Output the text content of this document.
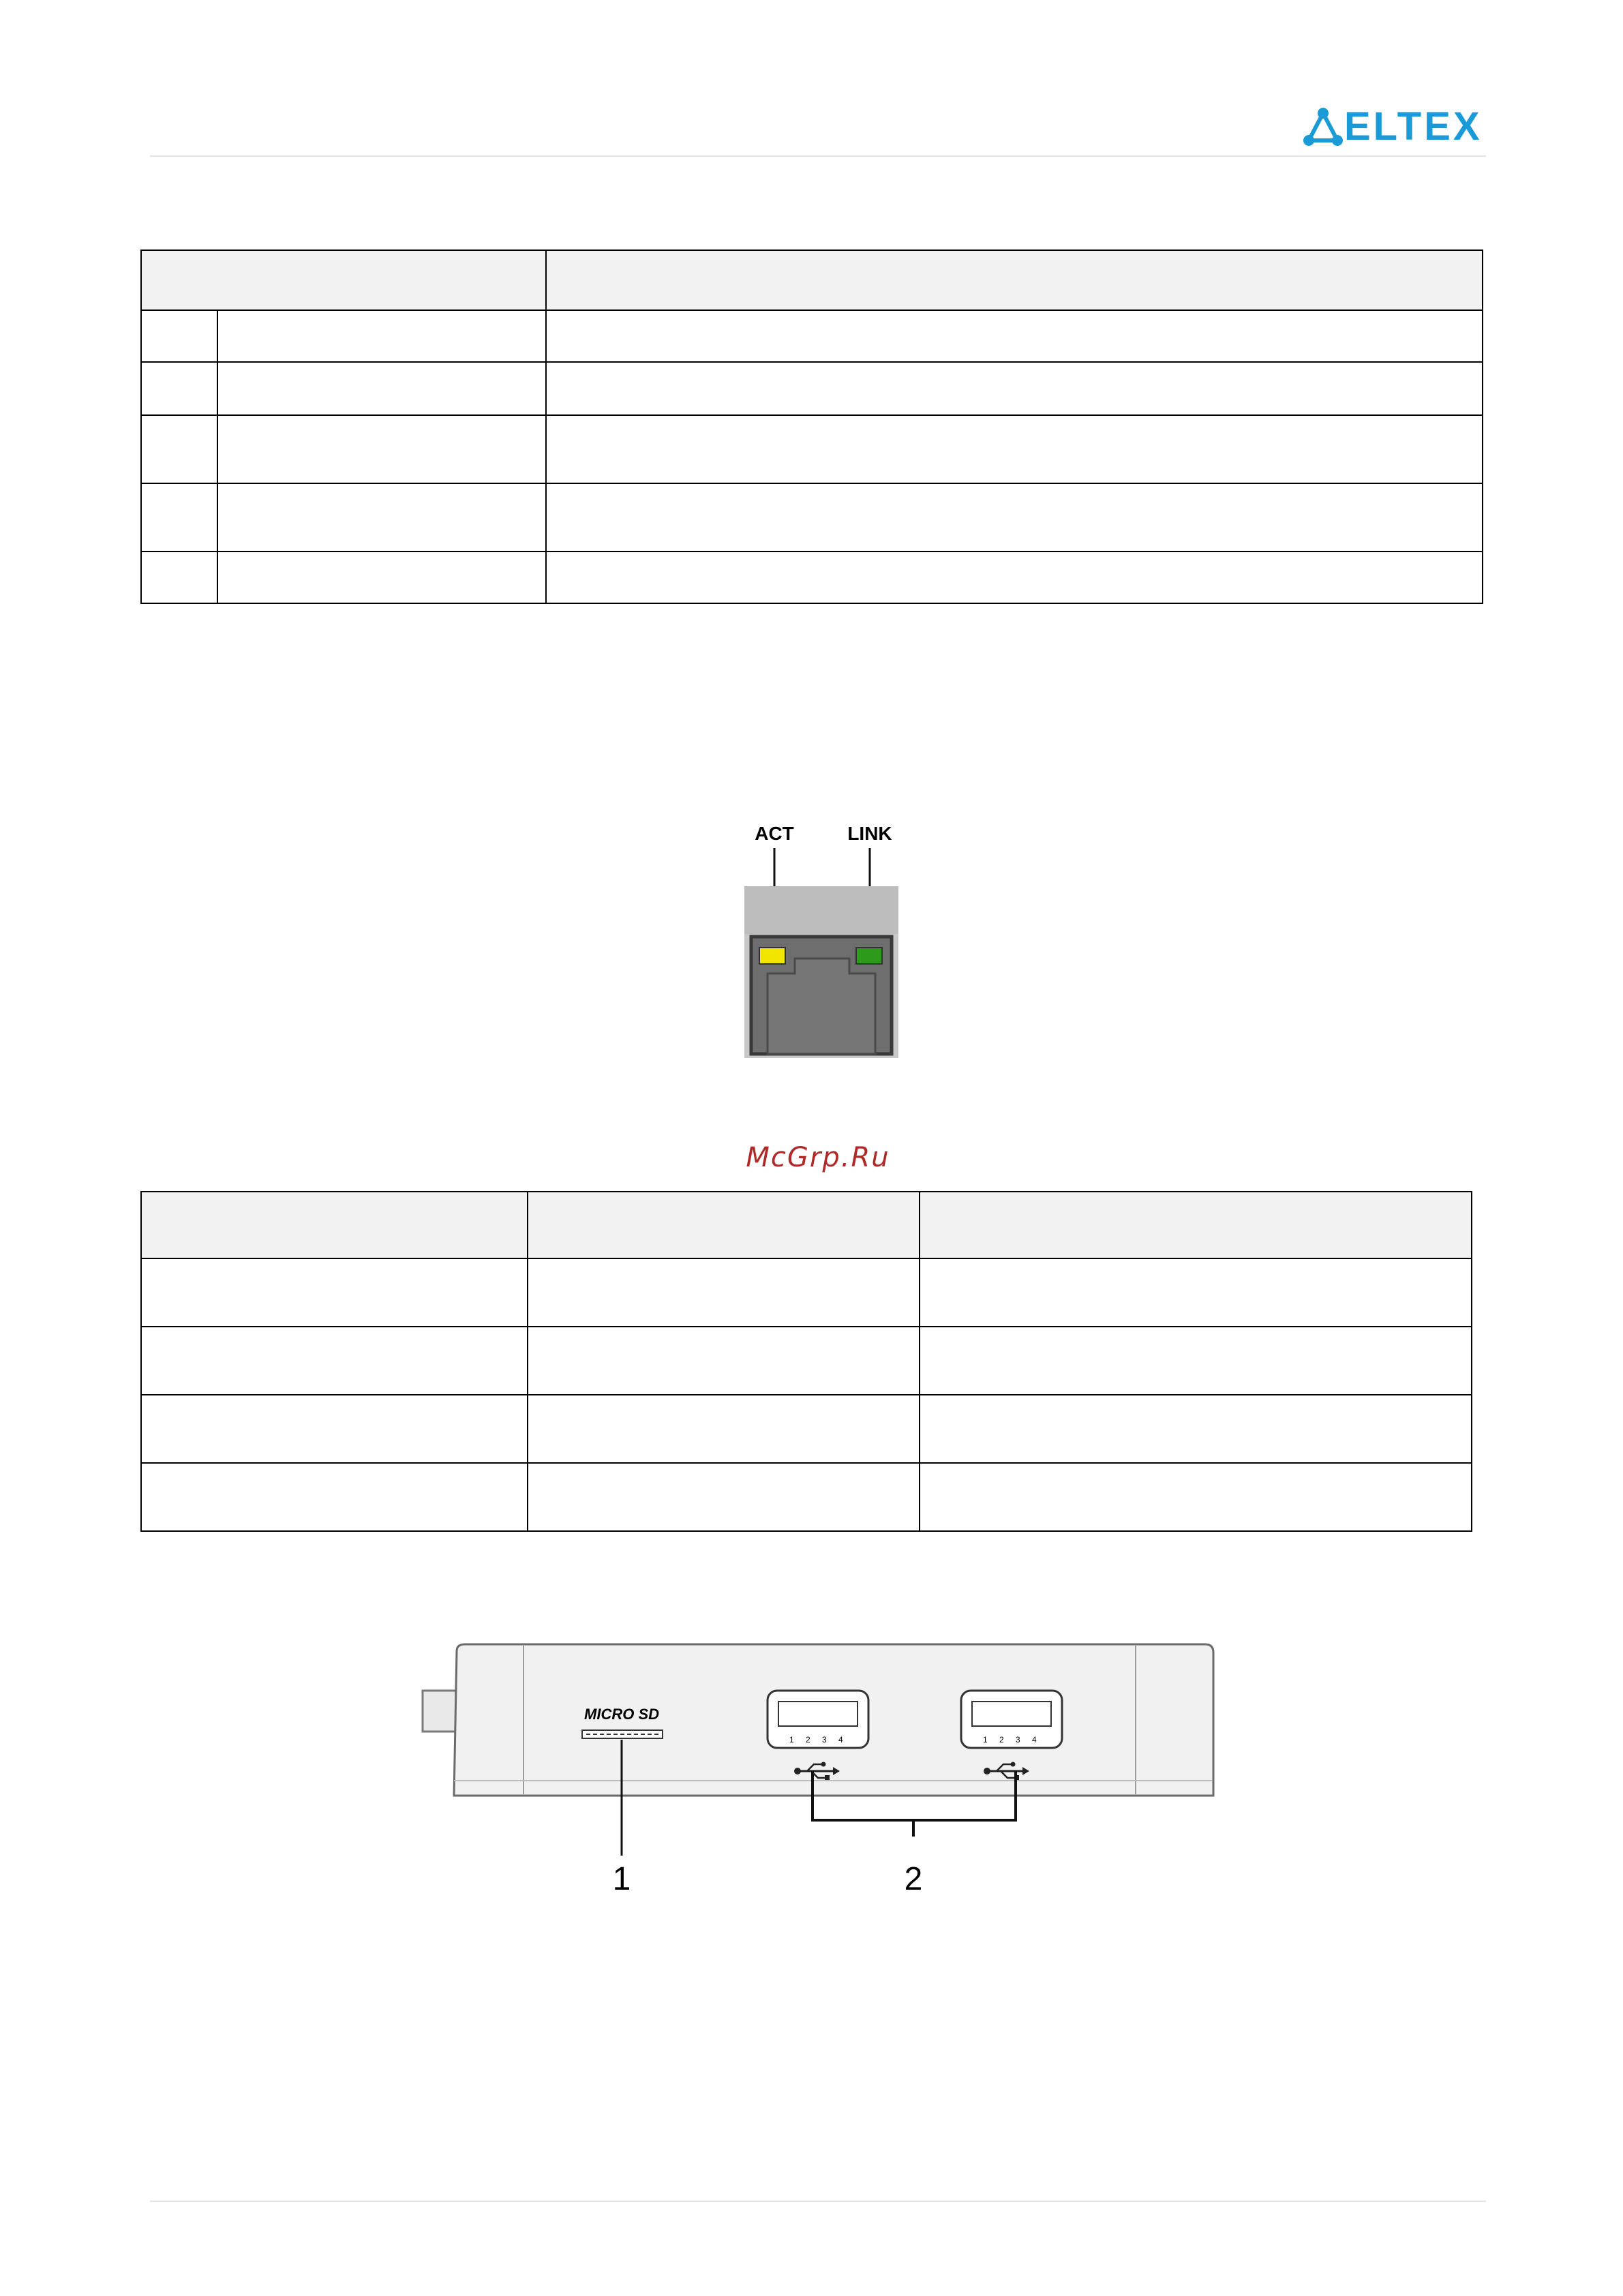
ELTEX

ACT	LINK
McGrp.Ru

MICRO SD
1 2 3 4	1 2 3 4
1	2
